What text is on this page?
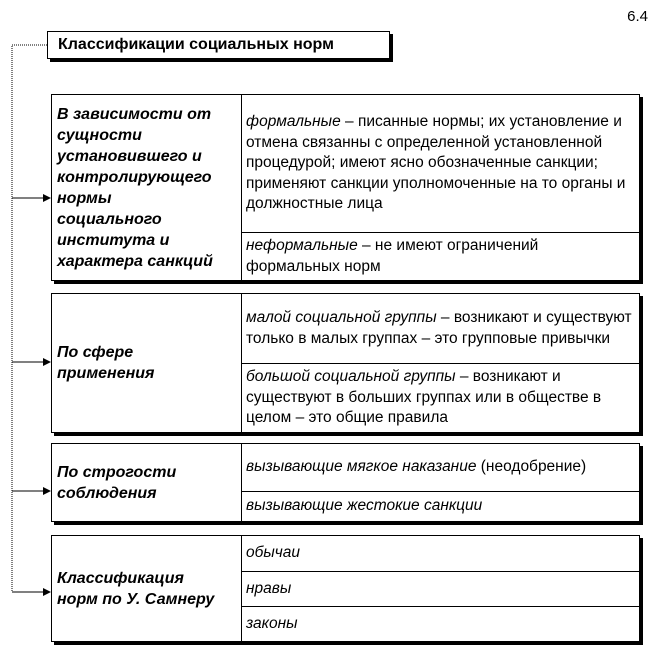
6.4
Классификации социальных норм
В зависимости от
сущности
установившего и
контролирующего
нормы
социального
института и
характера санкций
формальные – писанные нормы; их установление и отмена связанны с определенной установленной процедурой; имеют ясно обозначенные санкции; применяют санкции уполномоченные на то органы и должностные лица
неформальные – не имеют ограничений формальных норм
По сфере
применения
малой социальной группы – возникают и существуют только в малых группах – это групповые привычки
большой социальной группы – возникают и существуют в больших группах или в обществе в целом – это общие правила
По строгости
соблюдения
вызывающие мягкое наказание (неодобрение)
вызывающие жестокие санкции
Классификация
норм по У. Самнеру
обычаи
нравы
законы
